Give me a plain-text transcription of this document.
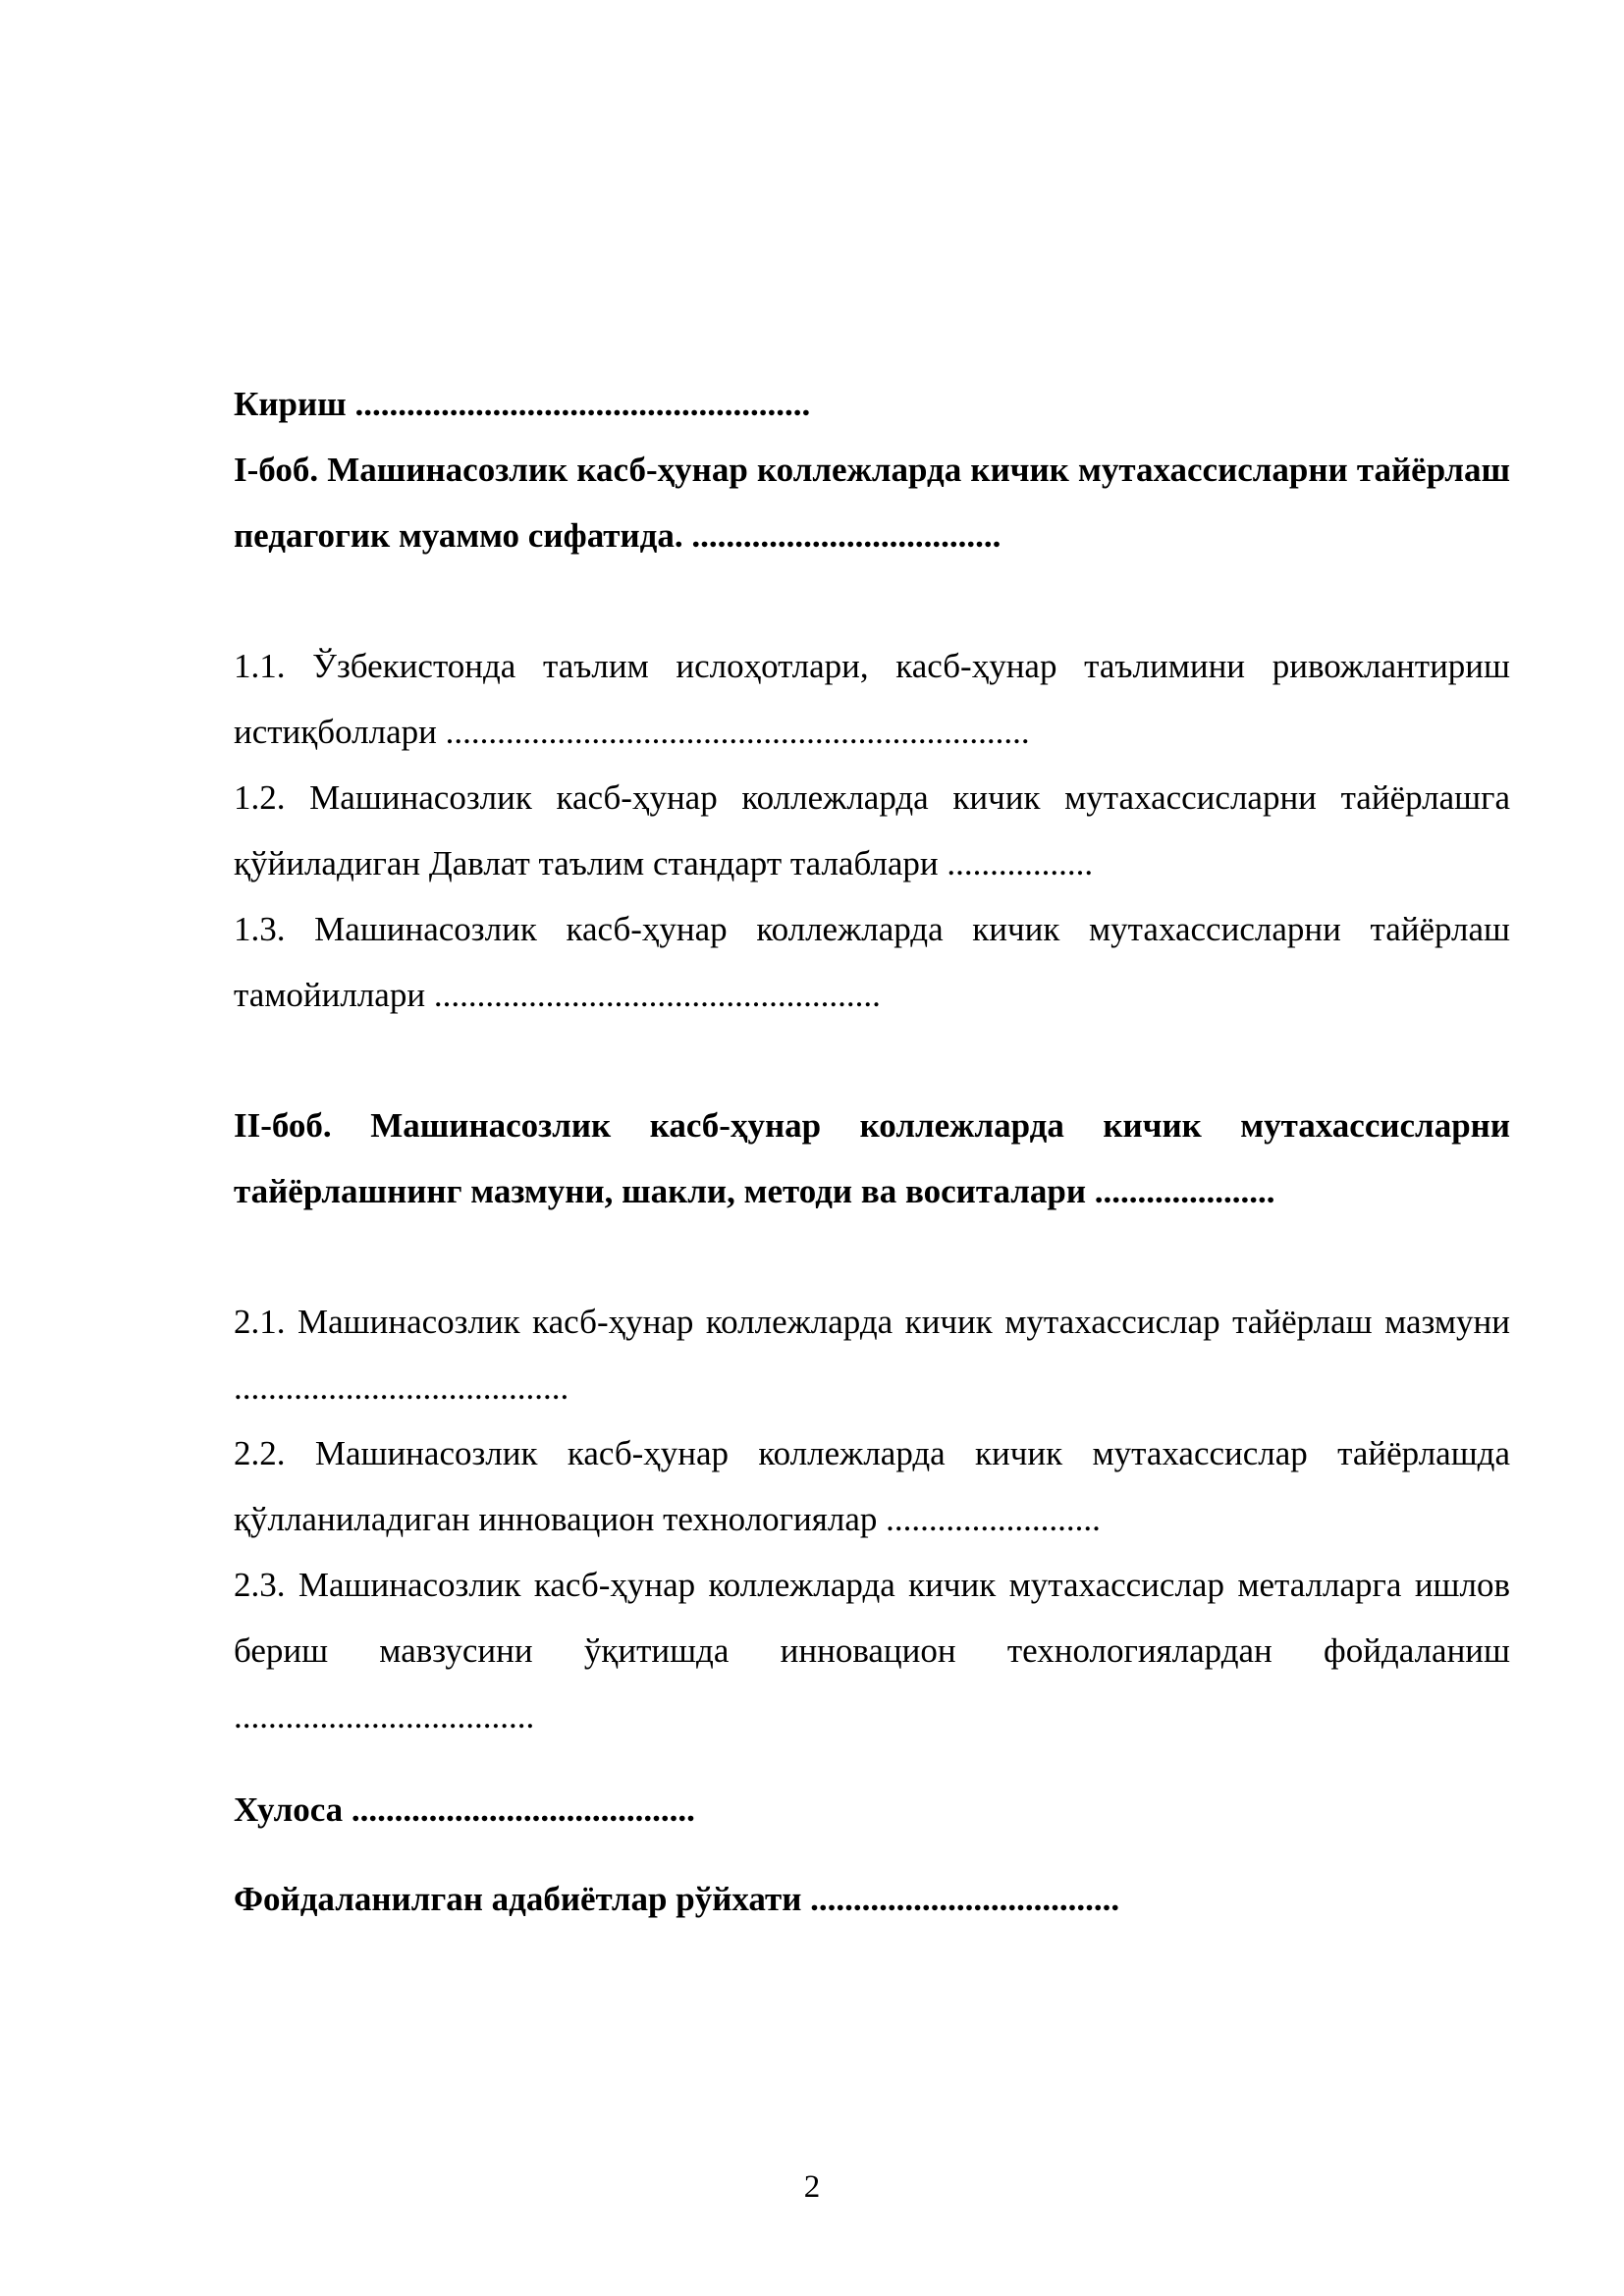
Кириш .....................................................

I-боб. Машинасозлик касб-ҳунар коллежларда кичик мутахассисларни тайёрлаш педагогик муаммо сифатида. ....................................

1.1. Ўзбекистонда таълим ислоҳотлари, касб-ҳунар таълимини ривожлантириш истиқболлари ....................................................................

1.2. Машинасозлик касб-ҳунар коллежларда кичик мутахассисларни тайёрлашга қўйиладиган Давлат таълим стандарт талаблари .................

1.3. Машинасозлик касб-ҳунар коллежларда кичик мутахассисларни тайёрлаш тамойиллари ....................................................

II-боб. Машинасозлик касб-ҳунар коллежларда кичик мутахассисларни тайёрлашнинг мазмуни, шакли, методи ва воситалари .....................

2.1. Машинасозлик касб-ҳунар коллежларда кичик мутахассислар тайёрлаш мазмуни .......................................

2.2. Машинасозлик касб-ҳунар коллежларда кичик мутахассислар тайёрлашда қўлланиладиган инновацион технологиялар .........................

2.3. Машинасозлик касб-ҳунар коллежларда кичик мутахассислар металларга ишлов бериш мавзусини ўқитишда инновацион технологиялардан фойдаланиш ...................................

Хулоса ........................................

Фойдаланилган адабиётлар рўйхати ....................................

2
